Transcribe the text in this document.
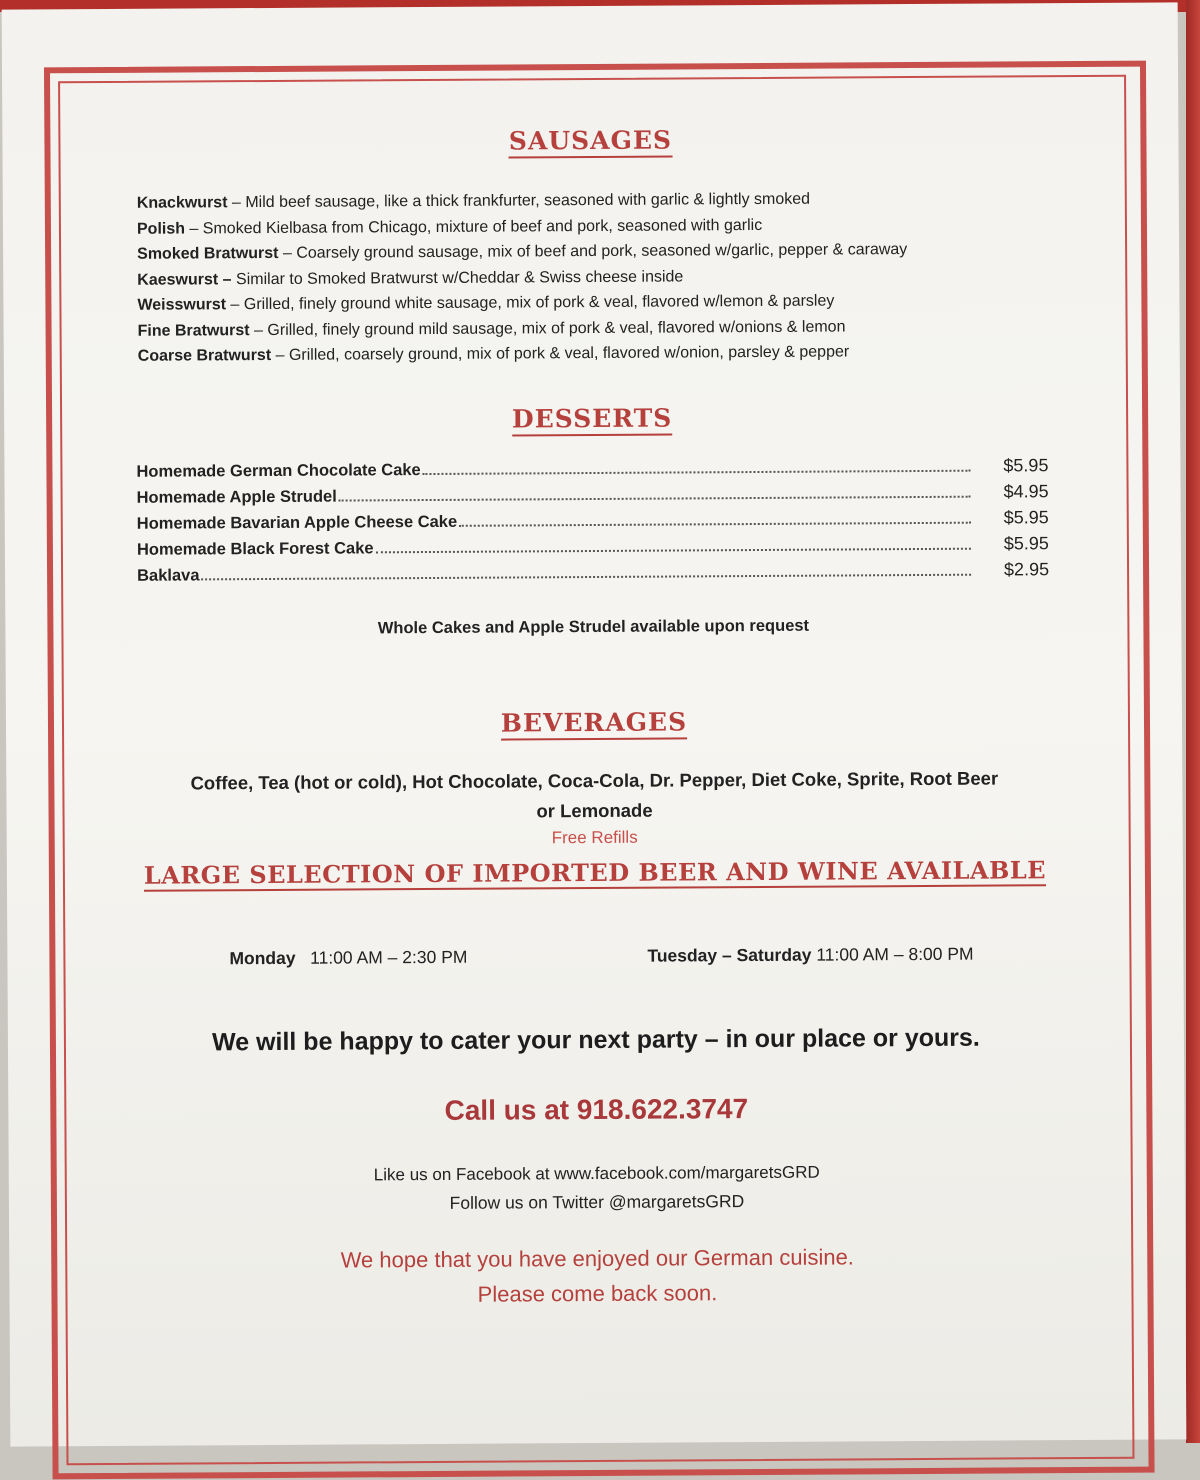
SAUSAGES
Knackwurst – Mild beef sausage, like a thick frankfurter, seasoned with garlic & lightly smoked
Polish – Smoked Kielbasa from Chicago, mixture of beef and pork, seasoned with garlic
Smoked Bratwurst – Coarsely ground sausage, mix of beef and pork, seasoned w/garlic, pepper & caraway
Kaeswurst – Similar to Smoked Bratwurst w/Cheddar & Swiss cheese inside
Weisswurst – Grilled, finely ground white sausage, mix of pork & veal, flavored w/lemon & parsley
Fine Bratwurst – Grilled, finely ground mild sausage, mix of pork & veal, flavored w/onions & lemon
Coarse Bratwurst – Grilled, coarsely ground, mix of pork & veal, flavored w/onion, parsley & pepper
DESSERTS
Homemade German Chocolate Cake	$5.95
Homemade Apple Strudel	$4.95
Homemade Bavarian Apple Cheese Cake	$5.95
Homemade Black Forest Cake	$5.95
Baklava	$2.95
Whole Cakes and Apple Strudel available upon request
BEVERAGES
Coffee, Tea (hot or cold), Hot Chocolate, Coca-Cola, Dr. Pepper, Diet Coke, Sprite, Root Beer
or Lemonade
Free Refills
LARGE SELECTION OF IMPORTED BEER AND WINE AVAILABLE
Monday 11:00 AM – 2:30 PM	Tuesday – Saturday 11:00 AM – 8:00 PM
We will be happy to cater your next party – in our place or yours.
Call us at 918.622.3747
Like us on Facebook at www.facebook.com/margaretsGRD
Follow us on Twitter @margaretsGRD
We hope that you have enjoyed our German cuisine.
Please come back soon.
